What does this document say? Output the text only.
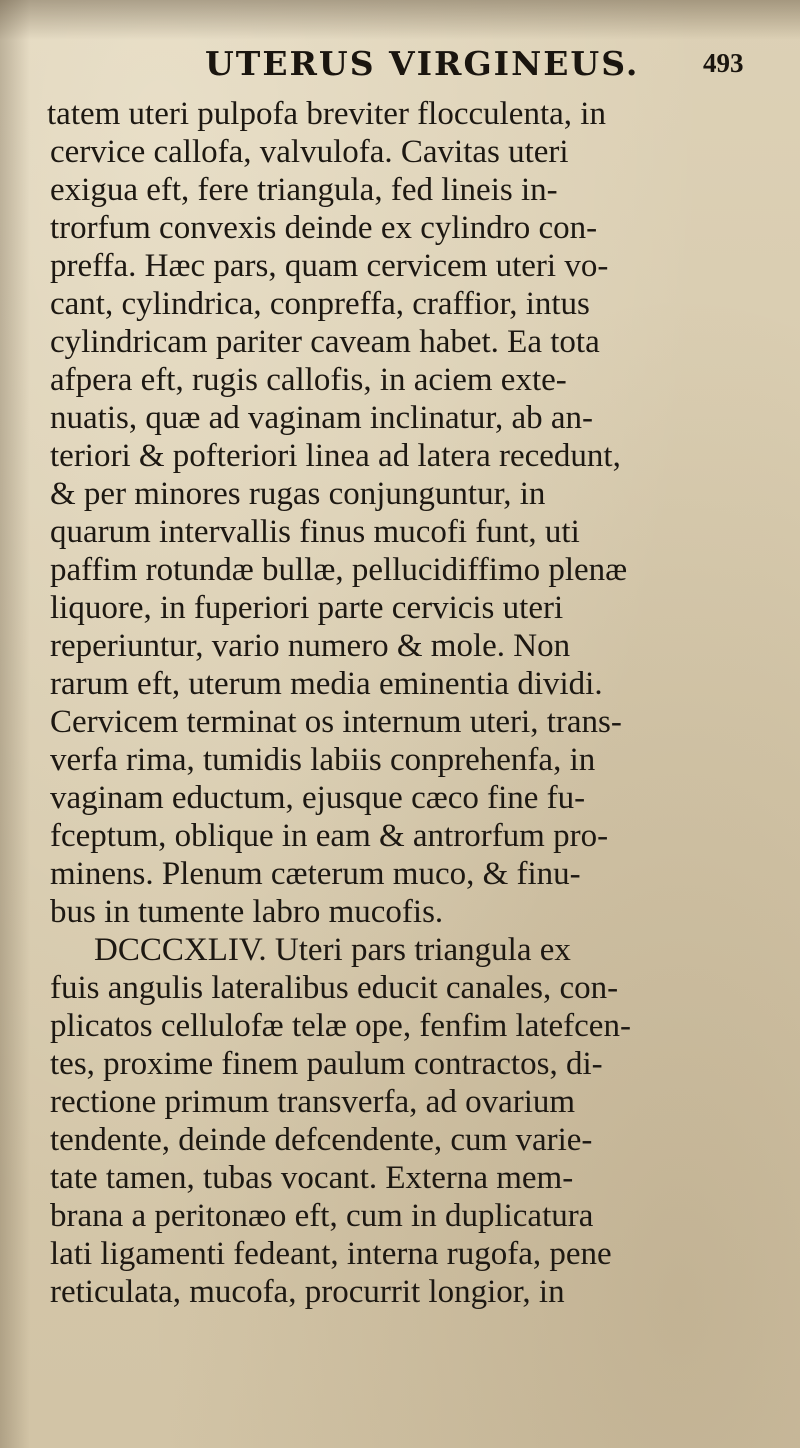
UTERUS VIRGINEUS. 493
tatem uteri pulpofa breviter flocculenta, in
cervice callofa, valvulofa. Cavitas uteri
exigua eft, fere triangula, fed lineis in-
trorfum convexis deinde ex cylindro con-
preffa. Hæc pars, quam cervicem uteri vo-
cant, cylindrica, conpreffa, craffior, intus
cylindricam pariter caveam habet. Ea tota
afpera eft, rugis callofis, in aciem exte-
nuatis, quæ ad vaginam inclinatur, ab an-
teriori & pofteriori linea ad latera recedunt,
& per minores rugas conjunguntur, in
quarum intervallis finus mucofi funt, uti
paffim rotundæ bullæ, pellucidiffimo plenæ
liquore, in fuperiori parte cervicis uteri
reperiuntur, vario numero & mole. Non
rarum eft, uterum media eminentia dividi.
Cervicem terminat os internum uteri, trans-
verfa rima, tumidis labiis conprehenfa, in
vaginam eductum, ejusque cæco fine fu-
fceptum, oblique in eam & antrorfum pro-
minens. Plenum cæterum muco, & finu-
bus in tumente labro mucofis.
DCCCXLIV. Uteri pars triangula ex
fuis angulis lateralibus educit canales, con-
plicatos cellulofæ telæ ope, fenfim latefcen-
tes, proxime finem paulum contractos, di-
rectione primum transverfa, ad ovarium
tendente, deinde defcendente, cum varie-
tate tamen, tubas vocant. Externa mem-
brana a peritonæo eft, cum in duplicatura
lati ligamenti fedeant, interna rugofa, pene
reticulata, mucofa, procurrit longior, in
